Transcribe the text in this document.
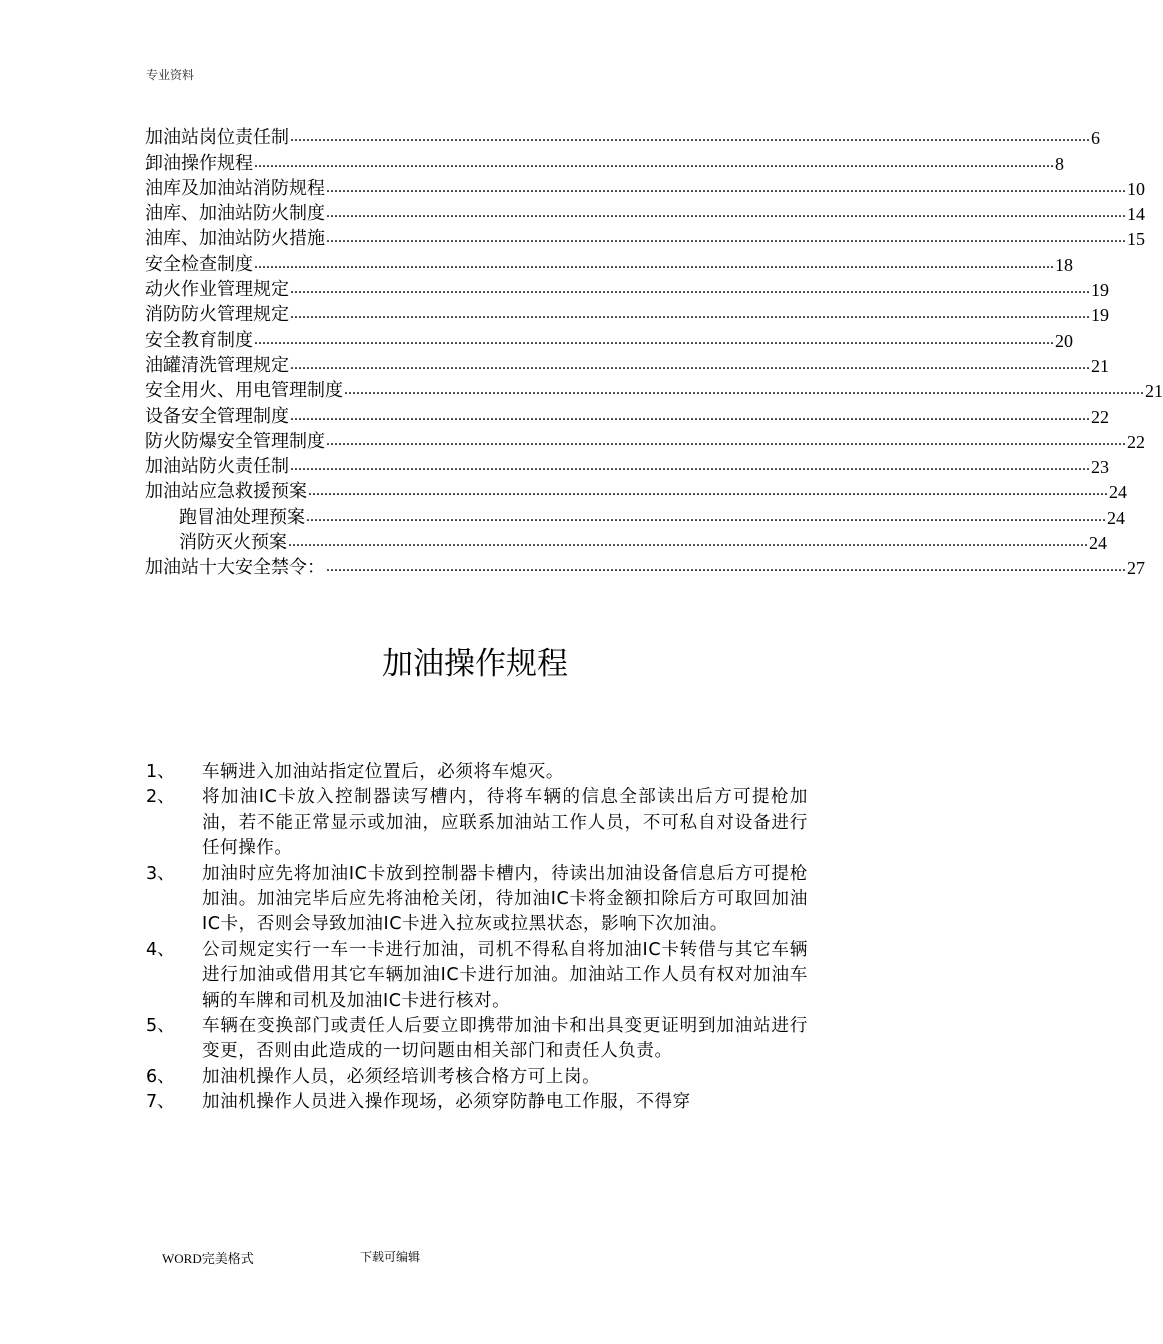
专业资料
加油站岗位责任制 ........................................................................................................................................................................................................ 6
卸油操作规程 ........................................................................................................................................................................................................ 8
油库及加油站消防规程 ........................................................................................................................................................................................................ 10
油库、加油站防火制度 ........................................................................................................................................................................................................ 14
油库、加油站防火措施 ........................................................................................................................................................................................................ 15
安全检查制度 ........................................................................................................................................................................................................ 18
动火作业管理规定 ........................................................................................................................................................................................................ 19
消防防火管理规定 ........................................................................................................................................................................................................ 19
安全教育制度 ........................................................................................................................................................................................................ 20
油罐清洗管理规定 ........................................................................................................................................................................................................ 21
安全用火、用电管理制度 ........................................................................................................................................................................................................ 21
设备安全管理制度 ........................................................................................................................................................................................................ 22
防火防爆安全管理制度 ........................................................................................................................................................................................................ 22
加油站防火责任制 ........................................................................................................................................................................................................ 23
加油站应急救援预案 ........................................................................................................................................................................................................ 24
跑冒油处理预案 ........................................................................................................................................................................................................ 24
消防灭火预案 ........................................................................................................................................................................................................ 24
加油站十大安全禁令： ........................................................................................................................................................................................................ 27
加油操作规程
1、	车辆进入加油站指定位置后，必须将车熄灭。
2、	将加油IC卡放入控制器读写槽内，待将车辆的信息全部读出后方可提枪加油，若不能正常显示或加油，应联系加油站工作人员，不可私自对设备进行任何操作。
3、	加油时应先将加油IC卡放到控制器卡槽内，待读出加油设备信息后方可提枪加油。加油完毕后应先将油枪关闭，待加油IC卡将金额扣除后方可取回加油IC卡，否则会导致加油IC卡进入拉灰或拉黑状态，影响下次加油。
4、	公司规定实行一车一卡进行加油，司机不得私自将加油IC卡转借与其它车辆进行加油或借用其它车辆加油IC卡进行加油。加油站工作人员有权对加油车辆的车牌和司机及加油IC卡进行核对。
5、	车辆在变换部门或责任人后要立即携带加油卡和出具变更证明到加油站进行变更，否则由此造成的一切问题由相关部门和责任人负责。
6、	加油机操作人员，必须经培训考核合格方可上岗。
7、	加油机操作人员进入操作现场，必须穿防静电工作服，不得穿
WORD完美格式	下载可编辑
